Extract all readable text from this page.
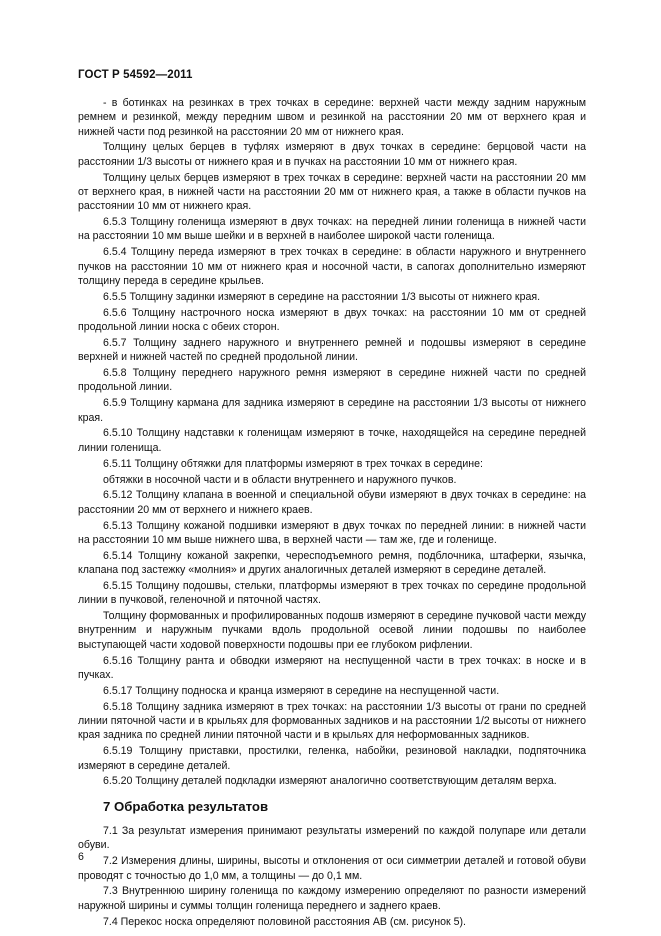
ГОСТ Р 54592—2011

- в ботинках на резинках в трех точках в середине: верхней части между задним наружным ремнем и резинкой, между передним швом и резинкой на расстоянии 20 мм от верхнего края и нижней части под резинкой на расстоянии 20 мм от нижнего края.

Толщину целых берцев в туфлях измеряют в двух точках в середине: берцовой части на расстоянии 1/3 высоты от нижнего края и в пучках на расстоянии 10 мм от нижнего края.

Толщину целых берцев измеряют в трех точках в середине: верхней части на расстоянии 20 мм от верхнего края, в нижней части на расстоянии 20 мм от нижнего края, а также в области пучков на расстоянии 10 мм от нижнего края.

6.5.3 Толщину голенища измеряют в двух точках: на передней линии голенища в нижней части на расстоянии 10 мм выше шейки и в верхней в наиболее широкой части голенища.

6.5.4 Толщину переда измеряют в трех точках в середине: в области наружного и внутреннего пучков на расстоянии 10 мм от нижнего края и носочной части, в сапогах дополнительно измеряют толщину переда в середине крыльев.

6.5.5 Толщину задинки измеряют в середине на расстоянии 1/3 высоты от нижнего края.

6.5.6 Толщину настрочного носка измеряют в двух точках: на расстоянии 10 мм от средней продольной линии носка с обеих сторон.

6.5.7 Толщину заднего наружного и внутреннего ремней и подошвы измеряют в середине верхней и нижней частей по средней продольной линии.

6.5.8 Толщину переднего наружного ремня измеряют в середине нижней части по средней продольной линии.

6.5.9 Толщину кармана для задника измеряют в середине на расстоянии 1/3 высоты от нижнего края.

6.5.10 Толщину надставки к голенищам измеряют в точке, находящейся на середине передней линии голенища.

6.5.11 Толщину обтяжки для платформы измеряют в трех точках в середине:

обтяжки в носочной части и в области внутреннего и наружного пучков.

6.5.12 Толщину клапана в военной и специальной обуви измеряют в двух точках в середине: на расстоянии 20 мм от верхнего и нижнего краев.

6.5.13 Толщину кожаной подшивки измеряют в двух точках по передней линии: в нижней части на расстоянии 10 мм выше нижнего шва, в верхней части — там же, где и голенище.

6.5.14 Толщину кожаной закрепки, чересподъемного ремня, подблочника, штаферки, язычка, клапана под застежку «молния» и других аналогичных деталей измеряют в середине деталей.

6.5.15 Толщину подошвы, стельки, платформы измеряют в трех точках по середине продольной линии в пучковой, геленочной и пяточной частях.

Толщину формованных и профилированных подошв измеряют в середине пучковой части между внутренним и наружным пучками вдоль продольной осевой линии подошвы по наиболее выступающей части ходовой поверхности подошвы при ее глубоком рифлении.

6.5.16 Толщину ранта и обводки измеряют на неспущенной части в трех точках: в носке и в пучках.

6.5.17 Толщину подноска и кранца измеряют в середине на неспущенной части.

6.5.18 Толщину задника измеряют в трех точках: на расстоянии 1/3 высоты от грани по средней линии пяточной части и в крыльях для формованных задников и на расстоянии 1/2 высоты от нижнего края задника по средней линии пяточной части и в крыльях для неформованных задников.

6.5.19 Толщину приставки, простилки, геленка, набойки, резиновой накладки, подпяточника измеряют в середине деталей.

6.5.20 Толщину деталей подкладки измеряют аналогично соответствующим деталям верха.

7 Обработка результатов

7.1 За результат измерения принимают результаты измерений по каждой полупаре или детали обуви.

7.2 Измерения длины, ширины, высоты и отклонения от оси симметрии деталей и готовой обуви проводят с точностью до 1,0 мм, а толщины — до 0,1 мм.

7.3 Внутреннюю ширину голенища по каждому измерению определяют по разности измерений наружной ширины и суммы толщин голенища переднего и заднего краев.

7.4 Перекос носка определяют половиной расстояния АВ (см. рисунок 5).

6
